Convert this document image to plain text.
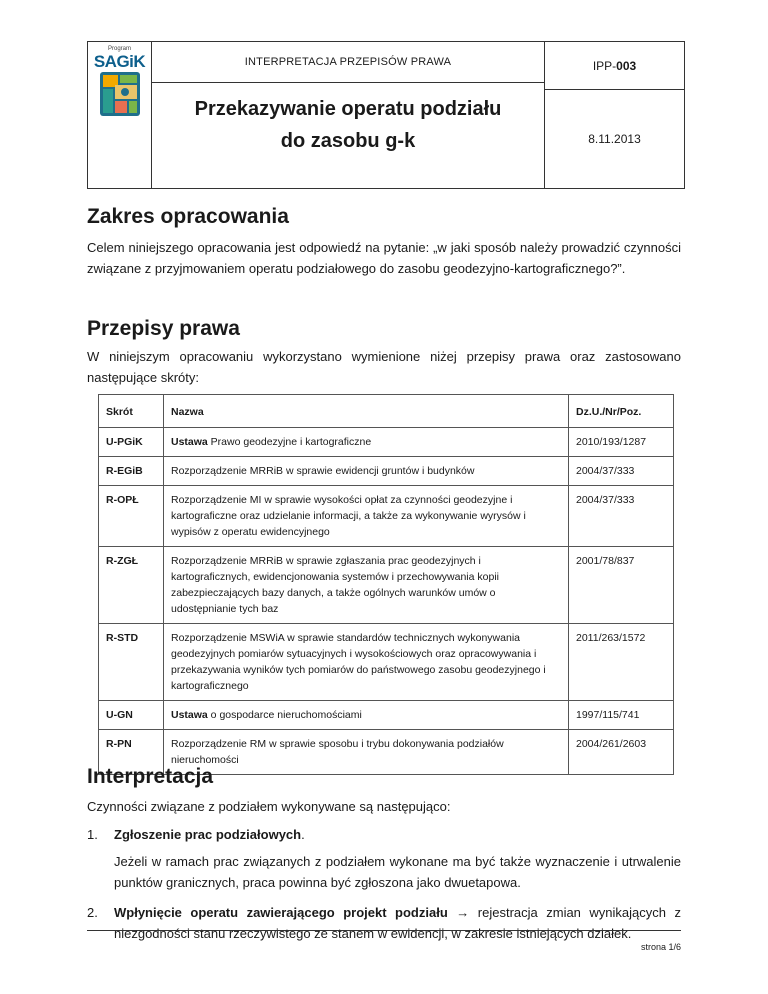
Program
SAGiK	INTERPRETACJA PRZEPISÓW PRAWA
Przekazywanie operatu podziału
do zasobu g-k
	IPP-003
8.11.2013
Zakres opracowania

Celem niniejszego opracowania jest odpowiedź na pytanie: „w jaki sposób należy prowadzić czynności związane z przyjmowaniem operatu podziałowego do zasobu geodezyjno-kartograficznego?”.

Przepisy prawa

W niniejszym opracowaniu wykorzystano wymienione niżej przepisy prawa oraz zastosowano następujące skróty:

Skrót	Nazwa	Dz.U./Nr/Poz.
U-PGiK	Ustawa Prawo geodezyjne i kartograficzne	2010/193/1287
R-EGiB	Rozporządzenie MRRiB w sprawie ewidencji gruntów i budynków	2004/37/333
R-OPŁ	Rozporządzenie MI w sprawie wysokości opłat za czynności geodezyjne i kartograficzne oraz udzielanie informacji, a także za wykonywanie wyrysów i wypisów z operatu ewidencyjnego	2004/37/333
R-ZGŁ	Rozporządzenie MRRiB w sprawie zgłaszania prac geodezyjnych i kartograficznych, ewidencjonowania systemów i przechowywania kopii zabezpieczających bazy danych, a także ogólnych warunków umów o udostępnianie tych baz	2001/78/837
R-STD	Rozporządzenie MSWiA w sprawie standardów technicznych wykonywania geodezyjnych pomiarów sytuacyjnych i wysokościowych oraz opracowywania i przekazywania wyników tych pomiarów do państwowego zasobu geodezyjnego i kartograficznego	2011/263/1572
U-GN	Ustawa o gospodarce nieruchomościami	1997/115/741
R-PN	Rozporządzenie RM w sprawie sposobu i trybu dokonywania podziałów nieruchomości	2004/261/2603
Interpretacja

Czynności związane z podziałem wykonywane są następująco:

1. Zgłoszenie prac podziałowych.
Jeżeli w ramach prac związanych z podziałem wykonane ma być także wyznaczenie i utrwalenie punktów granicznych, praca powinna być zgłoszona jako dwuetapowa.
2. Wpłynięcie operatu zawierającego projekt podziału → rejestracja zmian wynikających z niezgodności stanu rzeczywistego ze stanem w ewidencji, w zakresie istniejących działek.
strona 1/6
